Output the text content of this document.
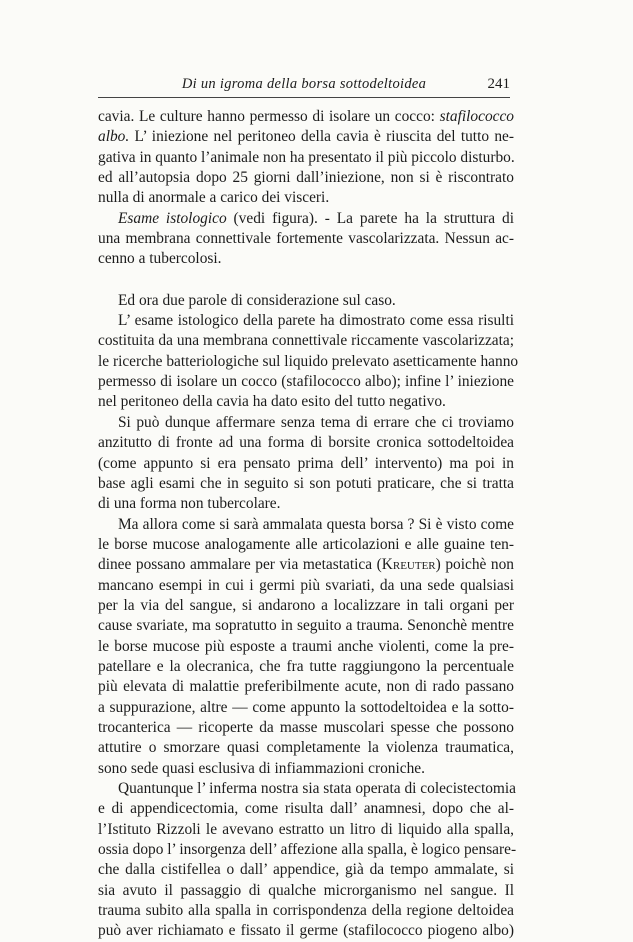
Di un igroma della borsa sottodeltoidea	241
cavia. Le culture hanno permesso di isolare un cocco: stafilococco
albo. L’ iniezione nel peritoneo della cavia è riuscita del tutto ne-
gativa in quanto l’animale non ha presentato il più piccolo disturbo.
ed all’autopsia dopo 25 giorni dall’iniezione, non si è riscontrato
nulla di anormale a carico dei visceri.
Esame istologico (vedi figura). - La parete ha la struttura di
una membrana connettivale fortemente vascolarizzata. Nessun ac-
cenno a tubercolosi.
Ed ora due parole di considerazione sul caso.
L’ esame istologico della parete ha dimostrato come essa risulti
costituita da una membrana connettivale riccamente vascolarizzata;
le ricerche batteriologiche sul liquido prelevato asetticamente hanno
permesso di isolare un cocco (stafilococco albo); infine l’ iniezione
nel peritoneo della cavia ha dato esito del tutto negativo.
Si può dunque affermare senza tema di errare che ci troviamo
anzitutto di fronte ad una forma di borsite cronica sottodeltoidea
(come appunto si era pensato prima dell’ intervento) ma poi in
base agli esami che in seguito si son potuti praticare, che si tratta
di una forma non tubercolare.
Ma allora come si sarà ammalata questa borsa ? Si è visto come
le borse mucose analogamente alle articolazioni e alle guaine ten-
dinee possano ammalare per via metastatica (Kreuter) poichè non
mancano esempi in cui i germi più svariati, da una sede qualsiasi
per la via del sangue, si andarono a localizzare in tali organi per
cause svariate, ma sopratutto in seguito a trauma. Senonchè mentre
le borse mucose più esposte a traumi anche violenti, come la pre-
patellare e la olecranica, che fra tutte raggiungono la percentuale
più elevata di malattie preferibilmente acute, non di rado passano
a suppurazione, altre — come appunto la sottodeltoidea e la sotto-
trocanterica — ricoperte da masse muscolari spesse che possono
attutire o smorzare quasi completamente la violenza traumatica,
sono sede quasi esclusiva di infiammazioni croniche.
Quantunque l’ inferma nostra sia stata operata di colecistectomia
e di appendicectomia, come risulta dall’ anamnesi, dopo che al-
l’Istituto Rizzoli le avevano estratto un litro di liquido alla spalla,
ossia dopo l’ insorgenza dell’ affezione alla spalla, è logico pensare-
che dalla cistifellea o dall’ appendice, già da tempo ammalate, si
sia avuto il passaggio di qualche microrganismo nel sangue. Il
trauma subito alla spalla in corrispondenza della regione deltoidea
può aver richiamato e fissato il germe (stafilococco piogeno albo)
